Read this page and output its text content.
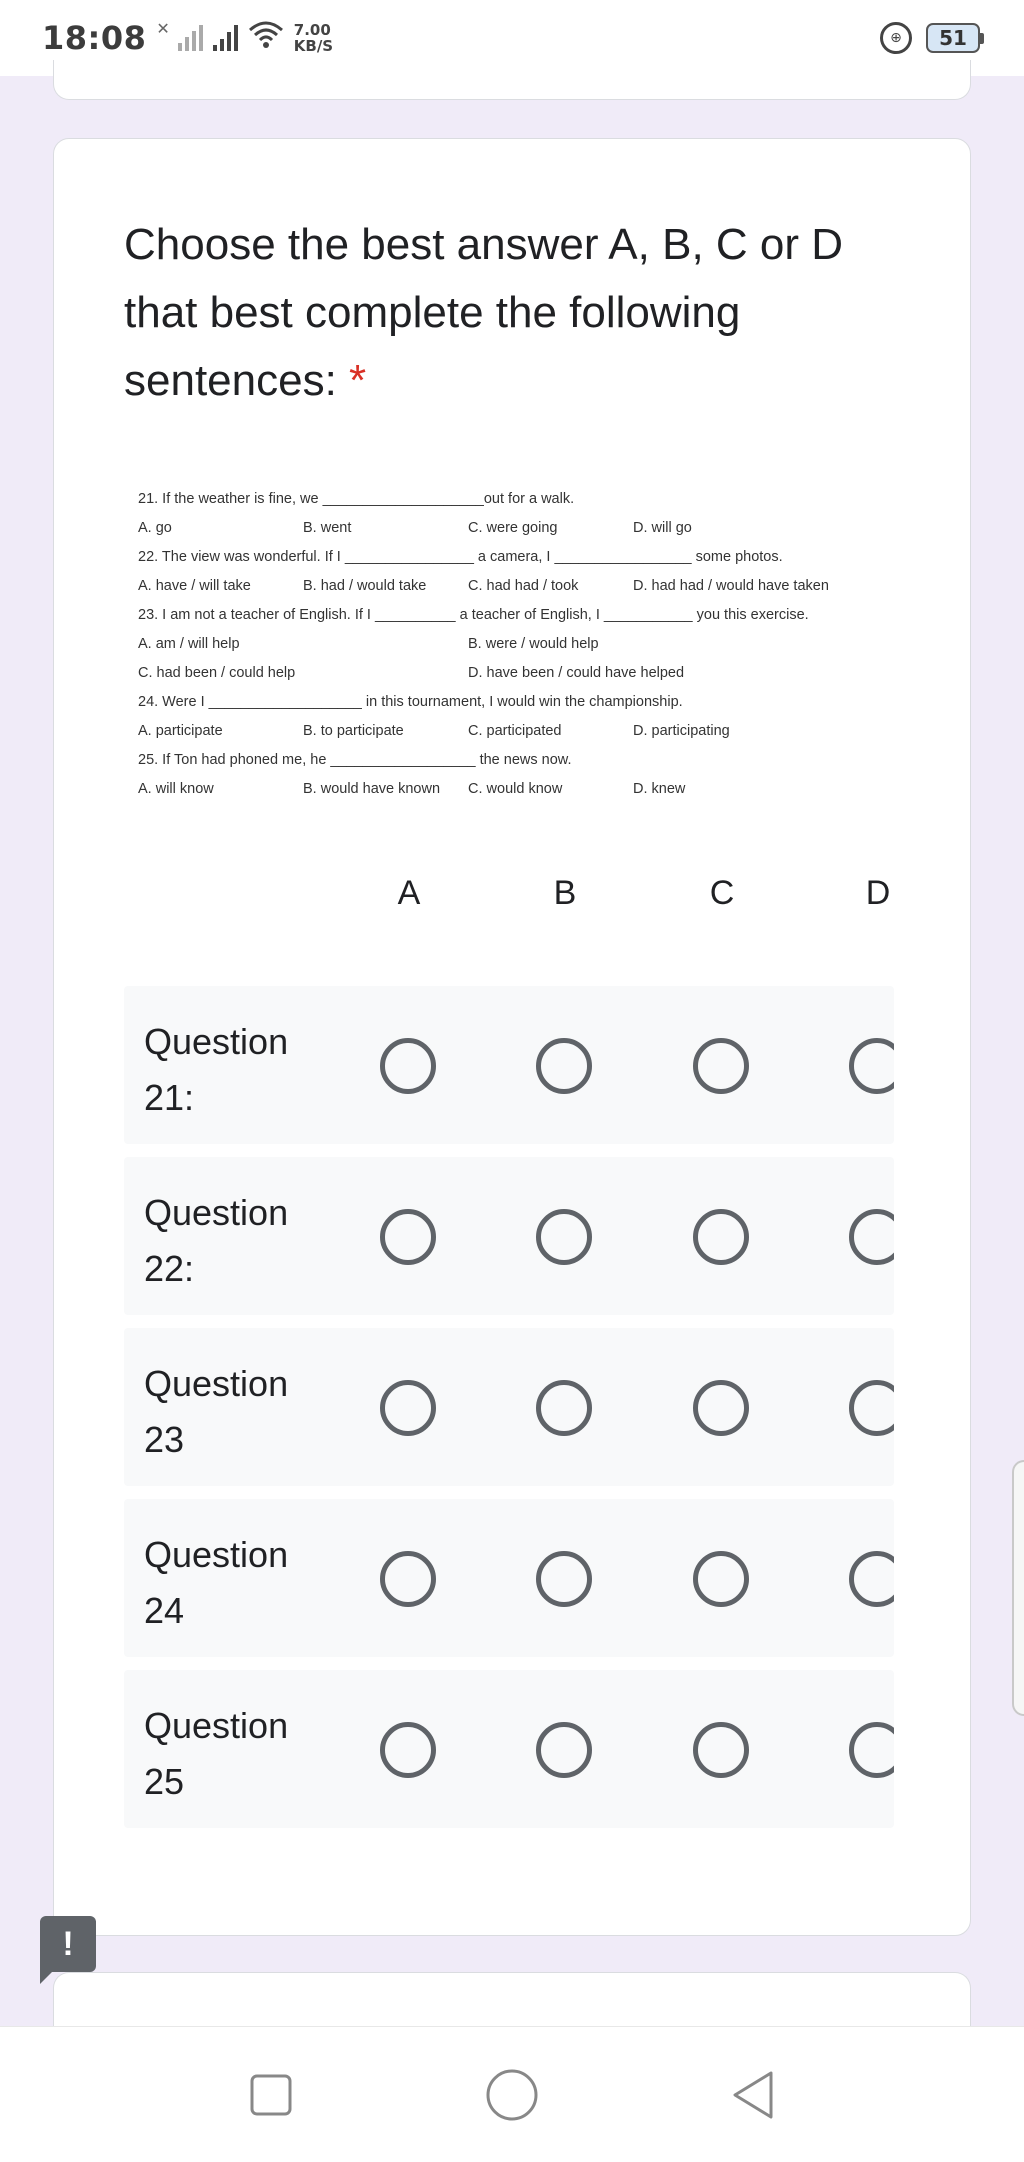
18:08 ✕	7.00
KB/S	⊕	51
Choose the best answer A, B, C or D that best complete the following sentences: *
21. If the weather is fine, we ____________________out for a walk.
A. go	B. went	C. were going	D. will go
22. The view was wonderful. If I ________________ a camera, I _________________ some photos.
A. have / will take	B. had / would take	C. had had / took	D. had had / would have taken
23. I am not a teacher of English. If I __________ a teacher of English, I ___________ you this exercise.
A. am / will help	B. were / would help
C. had been / could help	D. have been / could have helped
24. Were I ___________________ in this tournament, I would win the championship.
A. participate	B. to participate	C. participated	D. participating
25. If Ton had phoned me, he __________________ the news now.
A. will know	B. would have known C. would know	D. knew
A	B	C	D
Question 21:
Question 22:
Question 23
Question 24
Question 25
!
